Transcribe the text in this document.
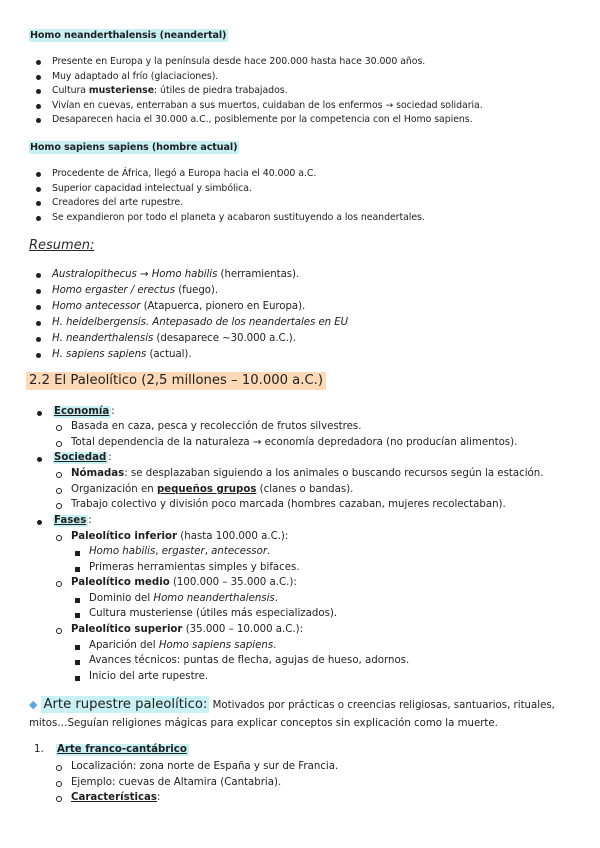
Homo neanderthalensis (neandertal)
Presente en Europa y la península desde hace 200.000 hasta hace 30.000 años.
Muy adaptado al frío (glaciaciones).
Cultura musteriense: útiles de piedra trabajados.
Vivían en cuevas, enterraban a sus muertos, cuidaban de los enfermos → sociedad solidaria.
Desaparecen hacia el 30.000 a.C., posiblemente por la competencia con el Homo sapiens.
Homo sapiens sapiens (hombre actual)
Procedente de África, llegó a Europa hacia el 40.000 a.C.
Superior capacidad intelectual y simbólica.
Creadores del arte rupestre.
Se expandieron por todo el planeta y acabaron sustituyendo a los neandertales.
Resumen:
Australopithecus → Homo habilis (herramientas).
Homo ergaster / erectus (fuego).
Homo antecessor (Atapuerca, pionero en Europa).
H. heidelbergensis. Antepasado de los neandertales en EU
H. neanderthalensis (desaparece ~30.000 a.C.).
H. sapiens sapiens (actual).
2.2 El Paleolítico (2,5 millones – 10.000 a.C.)
Economía :
Basada en caza, pesca y recolección de frutos silvestres.
Total dependencia de la naturaleza → economía depredadora (no producían alimentos).
Sociedad :
Nómadas: se desplazaban siguiendo a los animales o buscando recursos según la estación.
Organización en pequeños grupos (clanes o bandas).
Trabajo colectivo y división poco marcada (hombres cazaban, mujeres recolectaban).
Fases :
Paleolítico inferior (hasta 100.000 a.C.):
Homo habilis, ergaster, antecessor.
Primeras herramientas simples y bifaces.
Paleolítico medio (100.000 – 35.000 a.C.):
Dominio del Homo neanderthalensis.
Cultura musteriense (útiles más especializados).
Paleolítico superior (35.000 – 10.000 a.C.):
Aparición del Homo sapiens sapiens.
Avances técnicos: puntas de flecha, agujas de hueso, adornos.
Inicio del arte rupestre.
◆ Arte rupestre paleolítico: Motivados por prácticas o creencias religiosas, santuarios, rituales, mitos…Seguían religiones mágicas para explicar conceptos sin explicación como la muerte.
1. Arte franco-cantábrico
Localización: zona norte de España y sur de Francia.
Ejemplo: cuevas de Altamira (Cantabria).
Características:
